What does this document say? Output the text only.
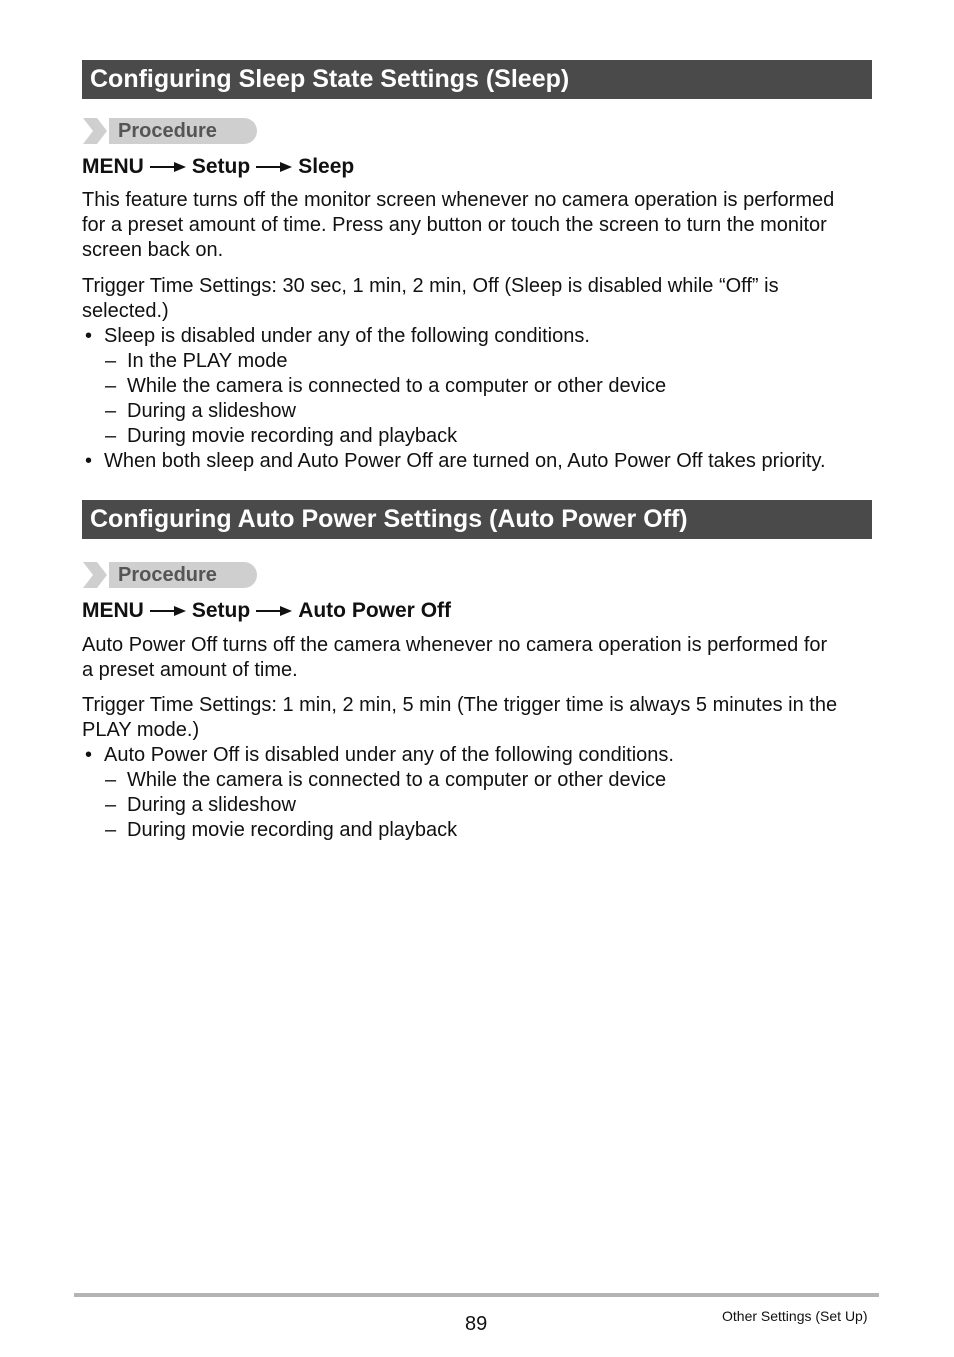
Configuring Sleep State Settings (Sleep)
Procedure
MENU Setup Sleep
This feature turns off the monitor screen whenever no camera operation is performed
for a preset amount of time. Press any button or touch the screen to turn the monitor
screen back on.
Trigger Time Settings: 30 sec, 1 min, 2 min, Off (Sleep is disabled while “Off” is
selected.)
• Sleep is disabled under any of the following conditions.
– In the PLAY mode
– While the camera is connected to a computer or other device
– During a slideshow
– During movie recording and playback
• When both sleep and Auto Power Off are turned on, Auto Power Off takes priority.
Configuring Auto Power Settings (Auto Power Off)
Procedure
MENU Setup Auto Power Off
Auto Power Off turns off the camera whenever no camera operation is performed for
a preset amount of time.
Trigger Time Settings: 1 min, 2 min, 5 min (The trigger time is always 5 minutes in the
PLAY mode.)
• Auto Power Off is disabled under any of the following conditions.
– While the camera is connected to a computer or other device
– During a slideshow
– During movie recording and playback
89	Other Settings (Set Up)
